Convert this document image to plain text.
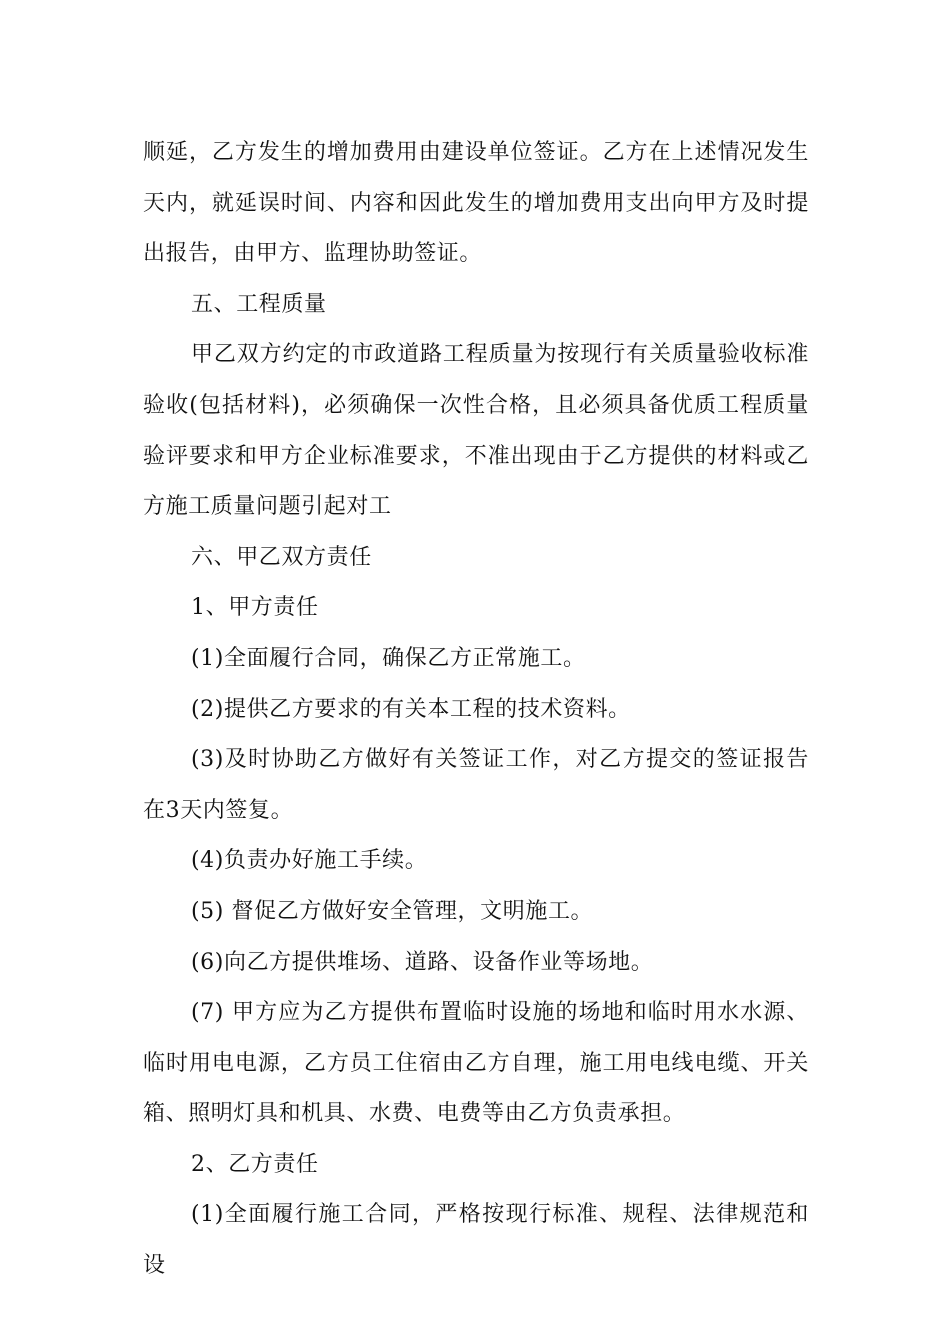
顺延，乙方发生的增加费用由建设单位签证。乙方在上述情况发生天内，就延误时间、内容和因此发生的增加费用支出向甲方及时提出报告，由甲方、监理协助签证。

五、工程质量

甲乙双方约定的市政道路工程质量为按现行有关质量验收标准验收(包括材料)，必须确保一次性合格，且必须具备优质工程质量验评要求和甲方企业标准要求，不准出现由于乙方提供的材料或乙方施工质量问题引起对工

六、甲乙双方责任

1、甲方责任

(1)全面履行合同，确保乙方正常施工。

(2)提供乙方要求的有关本工程的技术资料。

(3)及时协助乙方做好有关签证工作，对乙方提交的签证报告在3天内签复。

(4)负责办好施工手续。

(5) 督促乙方做好安全管理，文明施工。

(6)向乙方提供堆场、道路、设备作业等场地。

(7) 甲方应为乙方提供布置临时设施的场地和临时用水水源、临时用电电源，乙方员工住宿由乙方自理，施工用电线电缆、开关箱、照明灯具和机具、水费、电费等由乙方负责承担。

2、乙方责任

(1)全面履行施工合同，严格按现行标准、规程、法律规范和设
